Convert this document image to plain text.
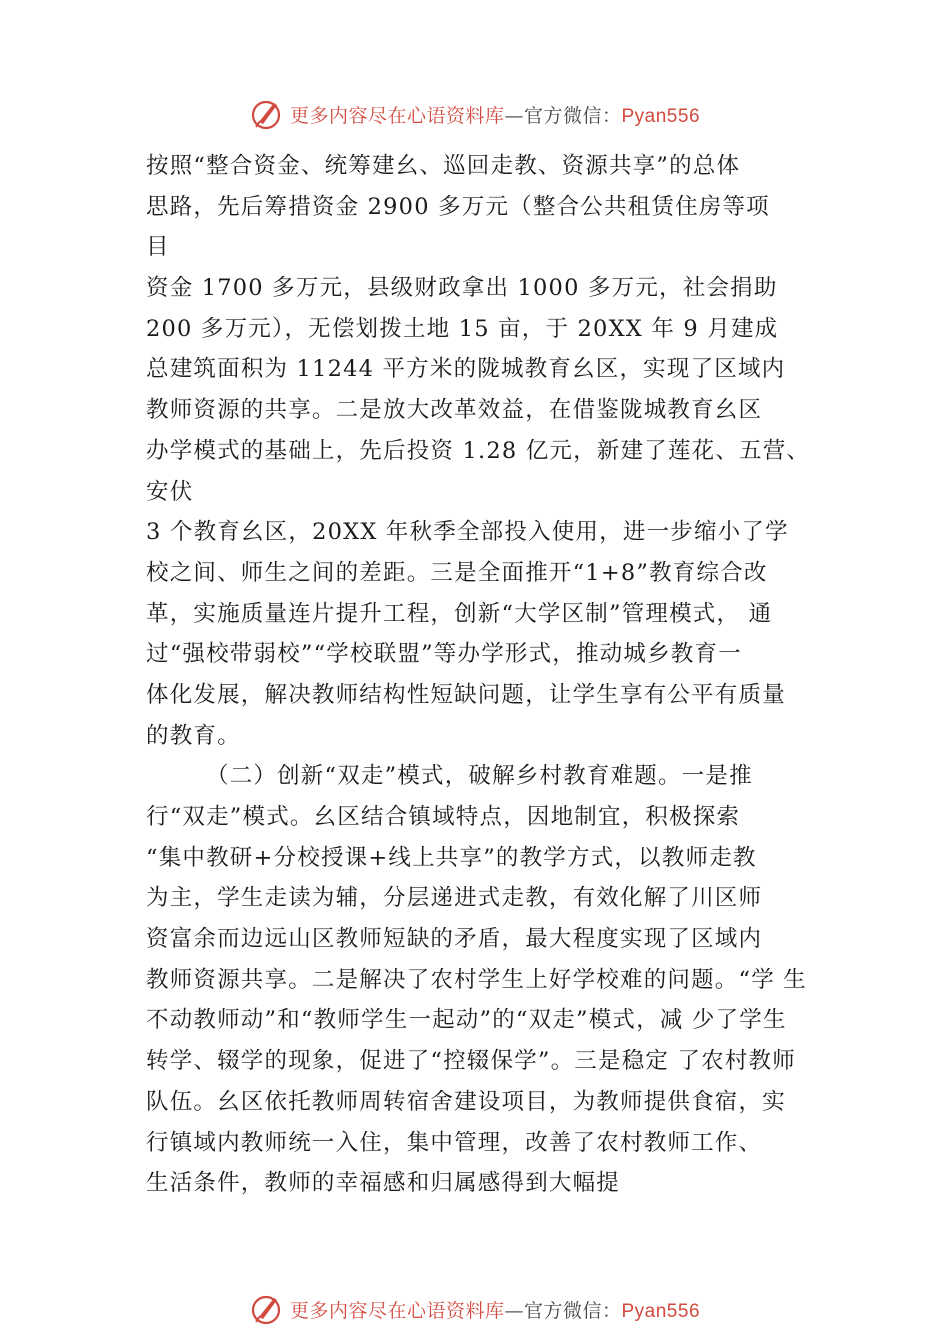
更多内容尽在心语资料库—官方微信：Pyan556
按照“整合资金、统筹建⺓、巡回走教、资源共享”的总体
思路，先后筹措资金 2900 多万元（整合公共租赁住房等项
目
资金 1700 多万元，县级财政拿出 1000 多万元，社会捐助
200 多万元），无偿划拨土地 15 亩，于 20XX 年 9 月建成
总建筑面积为 11244 平方米的陇城教育⺓区，实现了区域内
教师资源的共享。二是放大改革效益，在借鉴陇城教育⺓区
办学模式的基础上，先后投资 1.28 亿元，新建了莲花、五营、
安伏
3 个教育⺓区，20XX 年秋季全部投入使用，进一步缩小了学
校之间、师生之间的差距。三是全面推开“1+8”教育综合改
革，实施质量连片提升工程，创新“大学区制”管理模式， 通
过“强校带弱校”“学校联盟”等办学形式，推动城乡教育一
体化发展，解决教师结构性短缺问题，让学生享有公平有质量
的教育。
（二）创新“双走”模式，破解乡村教育难题。一是推
行“双走”模式。⺓区结合镇域特点，因地制宜，积极探索
“集中教研+分校授课+线上共享”的教学方式，以教师走教
为主，学生走读为辅，分层递进式走教，有效化解了川区师
资富余而边远山区教师短缺的矛盾，最大程度实现了区域内
教师资源共享。二是解决了农村学生上好学校难的问题。“学 生
不动教师动”和“教师学生一起动”的“双走”模式，减 少了学生
转学、辍学的现象，促进了“控辍保学”。三是稳定 了农村教师
队伍。⺓区依托教师周转宿舍建设项目，为教师提供食宿，实
行镇域内教师统一入住，集中管理，改善了农村教师工作、
生活条件，教师的幸福感和归属感得到大幅提
更多内容尽在心语资料库—官方微信：Pyan556
